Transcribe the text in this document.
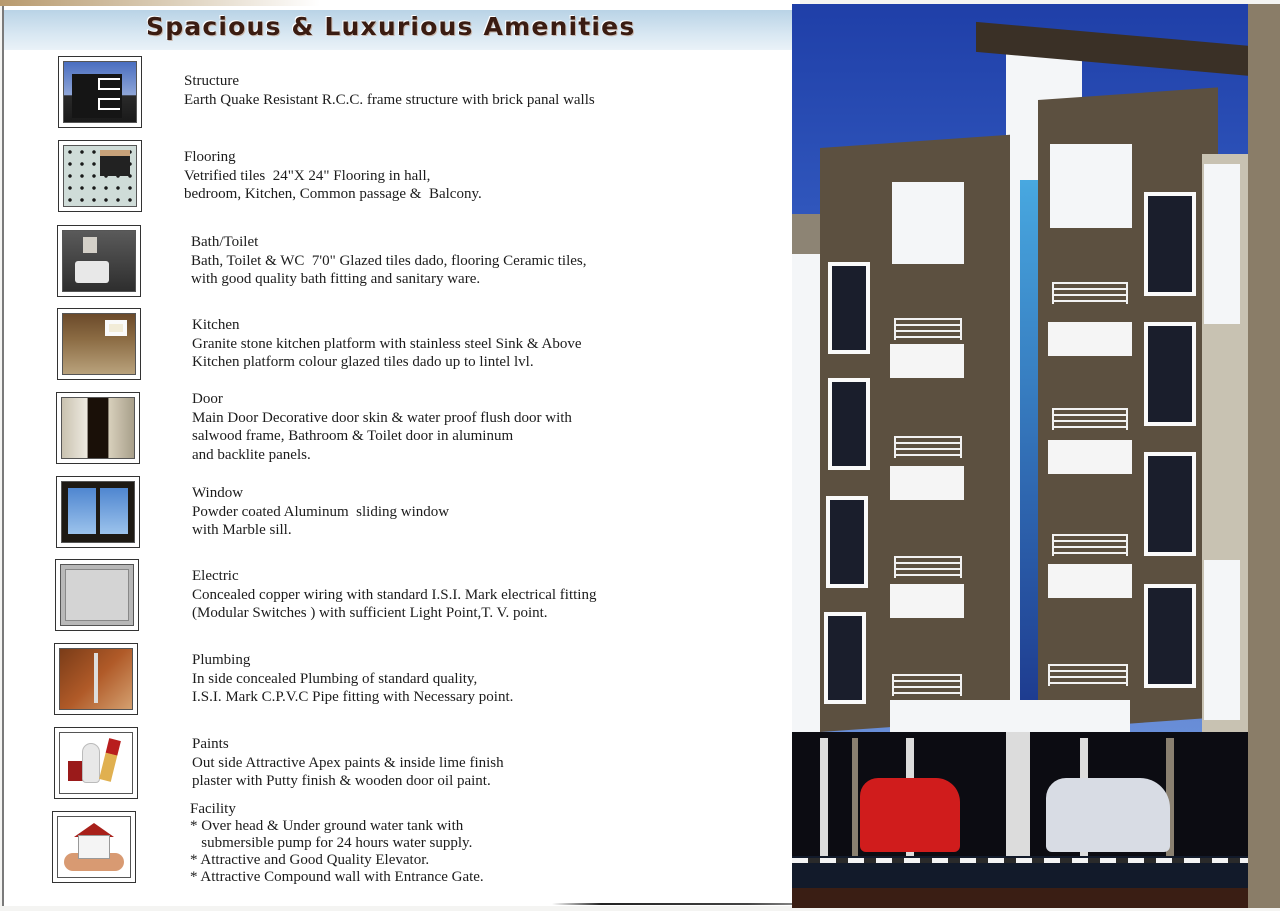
Spacious & Luxurious Amenities
Structure
Earth Quake Resistant R.C.C. frame structure with brick panal walls
Flooring
Vetrified tiles  24"X 24" Flooring in hall,
bedroom, Kitchen, Common passage &  Balcony.
Bath/Toilet
Bath, Toilet & WC  7'0" Glazed tiles dado, flooring Ceramic tiles,
with good quality bath fitting and sanitary ware.
Kitchen
Granite stone kitchen platform with stainless steel Sink & Above
Kitchen platform colour glazed tiles dado up to lintel lvl.
Door
Main Door Decorative door skin & water proof flush door with
salwood frame, Bathroom & Toilet door in aluminum
and backlite panels.
Window
Powder coated Aluminum  sliding window
with Marble sill.
Electric
Concealed copper wiring with standard I.S.I. Mark electrical fitting
(Modular Switches ) with sufficient Light Point,T. V. point.
Plumbing
In side concealed Plumbing of standard quality,
I.S.I. Mark C.P.V.C Pipe fitting with Necessary point.
Paints
Out side Attractive Apex paints & inside lime finish
plaster with Putty finish & wooden door oil paint.
Facility
* Over head & Under ground water tank with
submersible pump for 24 hours water supply.
* Attractive and Good Quality Elevator.
* Attractive Compound wall with Entrance Gate.
